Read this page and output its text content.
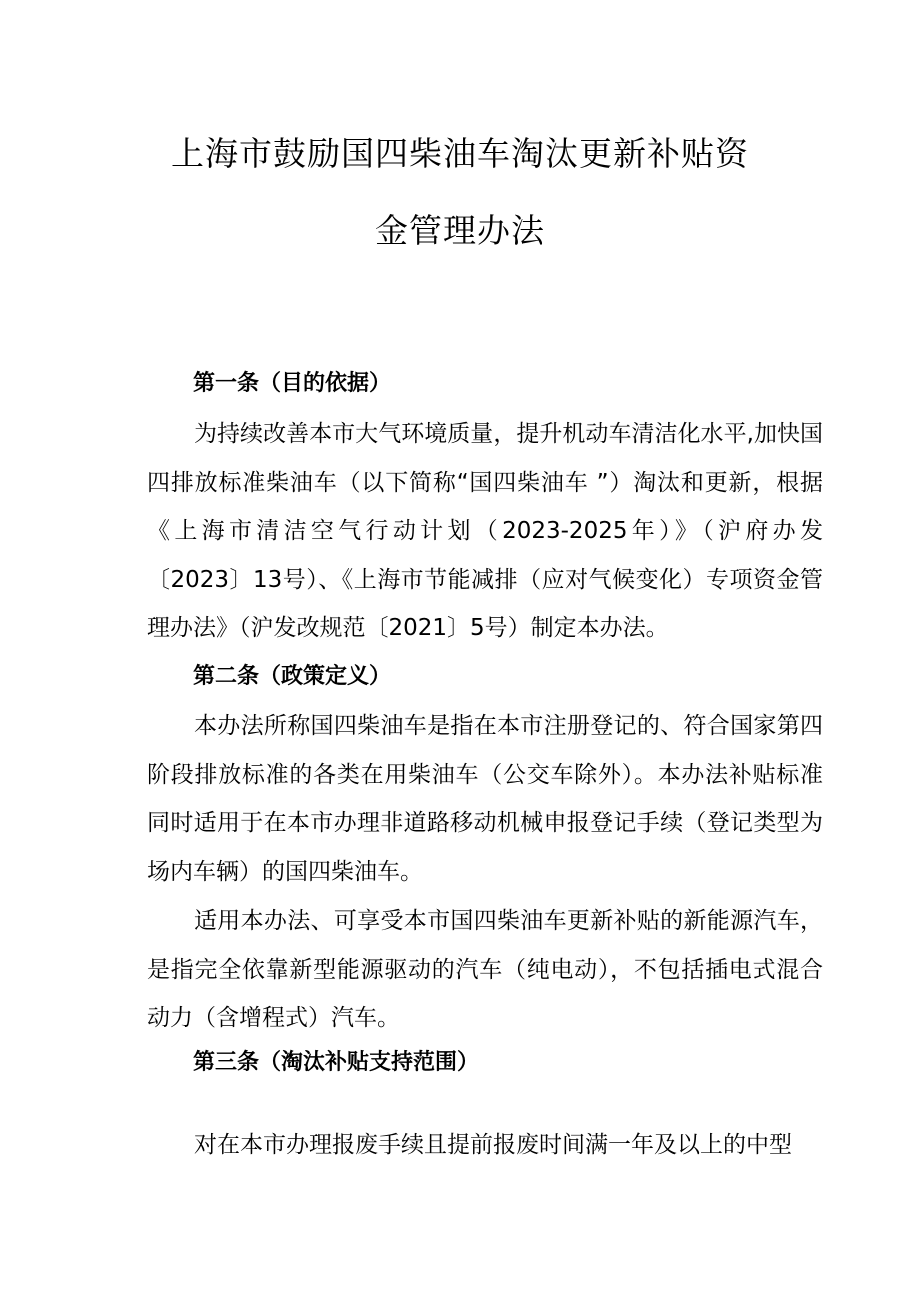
上海市鼓励国四柴油车淘汰更新补贴资
金管理办法
第一条（目的依据）

为持续改善本市大气环境质量，提升机动车清洁化水平,加快国四排放标准柴油车（以下简称“国四柴油车 ”）淘汰和更新，根据《上海市清洁空气行动计划（2023-2025年）》（沪府办发〔2023〕13号）、《上海市节能减排（应对气候变化）专项资金管理办法》（沪发改规范〔2021〕5号）制定本办法。

第二条（政策定义）

本办法所称国四柴油车是指在本市注册登记的、符合国家第四阶段排放标准的各类在用柴油车（公交车除外）。本办法补贴标准同时适用于在本市办理非道路移动机械申报登记手续（登记类型为场内车辆）的国四柴油车。

适用本办法、可享受本市国四柴油车更新补贴的新能源汽车，是指完全依靠新型能源驱动的汽车（纯电动），不包括插电式混合动力（含增程式）汽车。

第三条（淘汰补贴支持范围）

对在本市办理报废手续且提前报废时间满一年及以上的中型
